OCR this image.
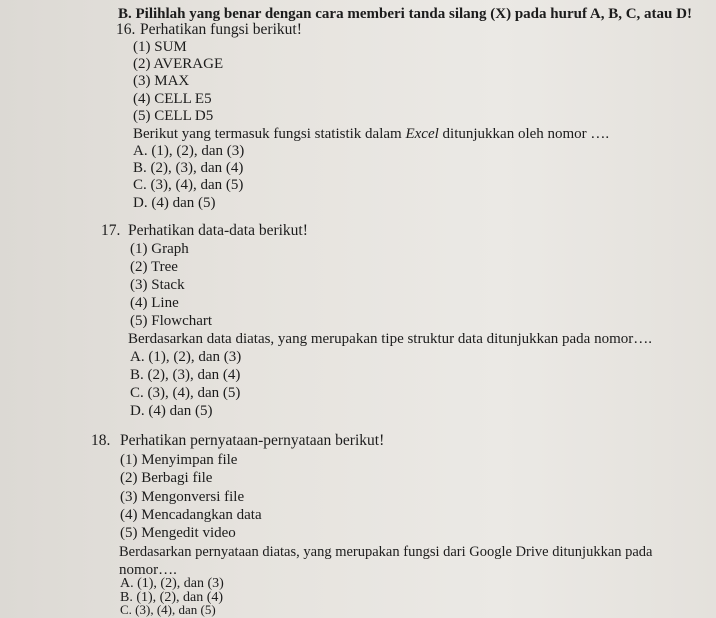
B. Pilihlah yang benar dengan cara memberi tanda silang (X) pada huruf A, B, C, atau D!
16. Perhatikan fungsi berikut!
(1) SUM
(2) AVERAGE
(3) MAX
(4) CELL E5
(5) CELL D5
Berikut yang termasuk fungsi statistik dalam Excel ditunjukkan oleh nomor ….
A. (1), (2), dan (3)
B. (2), (3), dan (4)
C. (3), (4), dan (5)
D. (4) dan (5)
17. Perhatikan data-data berikut!
(1) Graph
(2) Tree
(3) Stack
(4) Line
(5) Flowchart
Berdasarkan data diatas, yang merupakan tipe struktur data ditunjukkan pada nomor….
A. (1), (2), dan (3)
B. (2), (3), dan (4)
C. (3), (4), dan (5)
D. (4) dan (5)
18. Perhatikan pernyataan-pernyataan berikut!
(1) Menyimpan file
(2) Berbagi file
(3) Mengonversi file
(4) Mencadangkan data
(5) Mengedit video
Berdasarkan pernyataan diatas, yang merupakan fungsi dari Google Drive ditunjukkan pada
nomor….
A. (1), (2), dan (3)
B. (1), (2), dan (4)
C. (3), (4), dan (5)
